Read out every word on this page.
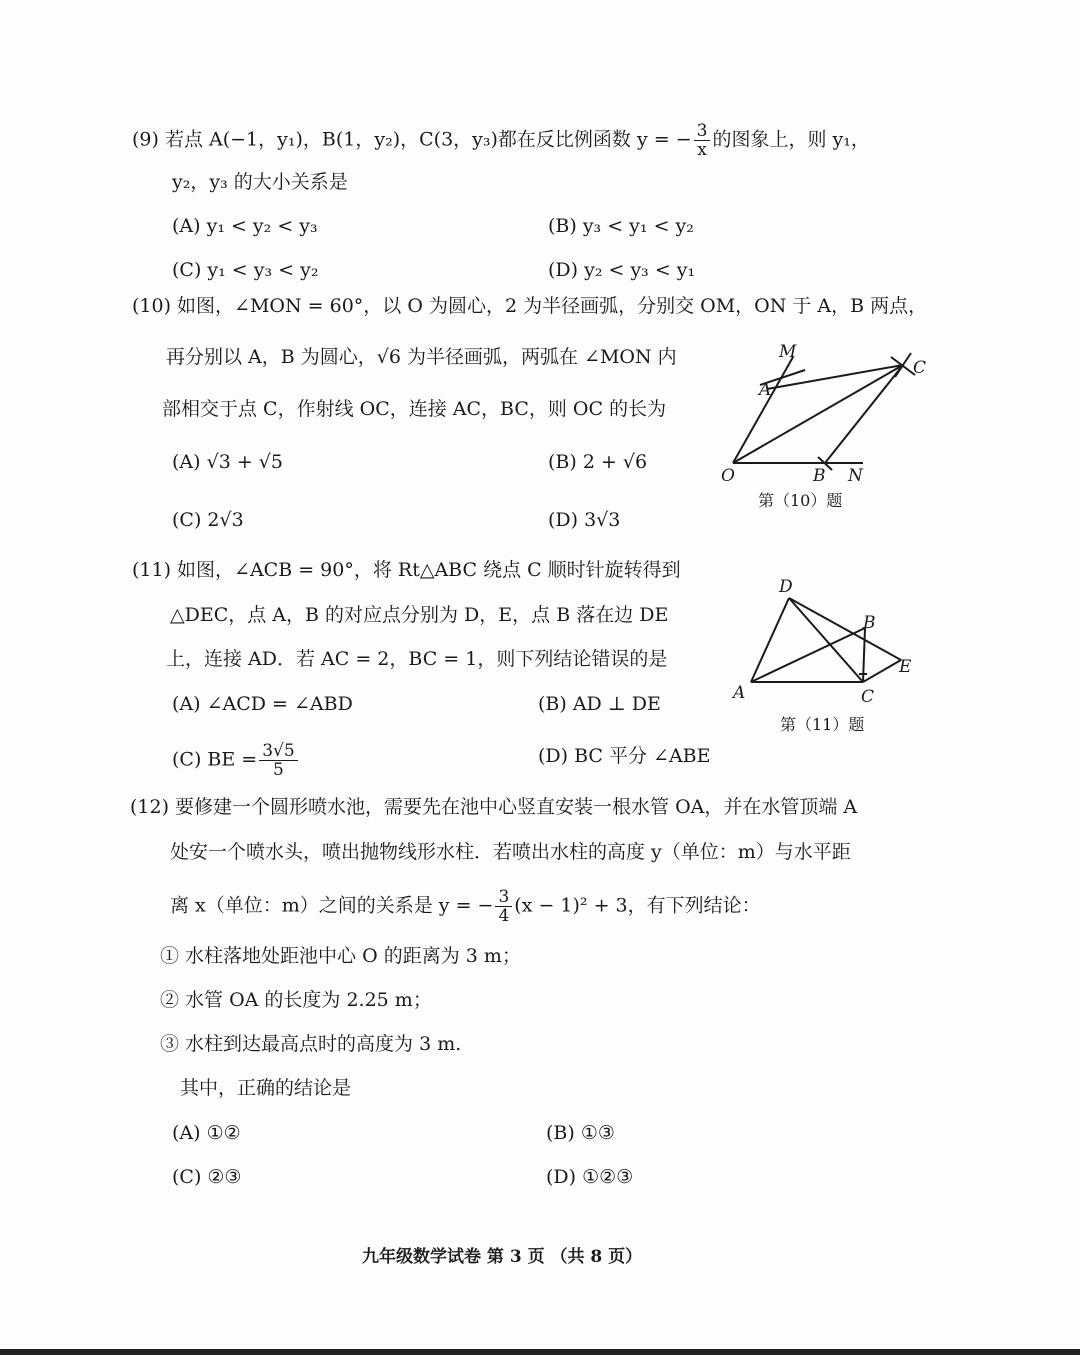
(9) 若点 A(−1，y₁)，B(1，y₂)，C(3，y₃)都在反比例函数 y = − $\frac{3}{x}$ 的图象上，则 y₁，
y₂，y₃ 的大小关系是
(A) y₁ < y₂ < y₃	(B) y₃ < y₁ < y₂
(C) y₁ < y₃ < y₂	(D) y₂ < y₃ < y₁
(10) 如图，∠MON = 60°，以 O 为圆心，2 为半径画弧，分别交 OM，ON 于 A，B 两点，
再分别以 A，B 为圆心，√6 为半径画弧，两弧在 ∠MON 内
部相交于点 C，作射线 OC，连接 AC，BC，则 OC 的长为
(A) √3 + √5	(B) 2 + √6
(C) 2√3	(D) 3√3
M
A
C
O	B N
第（10）题
(11) 如图，∠ACB = 90°，将 Rt△ABC 绕点 C 顺时针旋转得到
△DEC，点 A，B 的对应点分别为 D，E，点 B 落在边 DE
上，连接 AD．若 AC = 2，BC = 1，则下列结论错误的是
(A) ∠ACD = ∠ABD	(B) AD ⊥ DE
(C) BE = $\frac{3√5}{5}$	(D) BC 平分 ∠ABE
D
B
E
A	C
第（11）题
(12) 要修建一个圆形喷水池，需要先在池中心竖直安装一根水管 OA，并在水管顶端 A
处安一个喷水头，喷出抛物线形水柱．若喷出水柱的高度 y（单位：m）与水平距
离 x（单位：m）之间的关系是 y = − $\frac{3}{4} (x - 1)^2 + 3$，有下列结论：
① 水柱落地处距池中心 O 的距离为 3 m；
② 水管 OA 的长度为 2.25 m；
③ 水柱到达最高点时的高度为 3 m.
其中，正确的结论是
(A) ①②	(B) ①③
(C) ②③	(D) ①②③
九年级数学试卷 第 3 页 （共 8 页）
